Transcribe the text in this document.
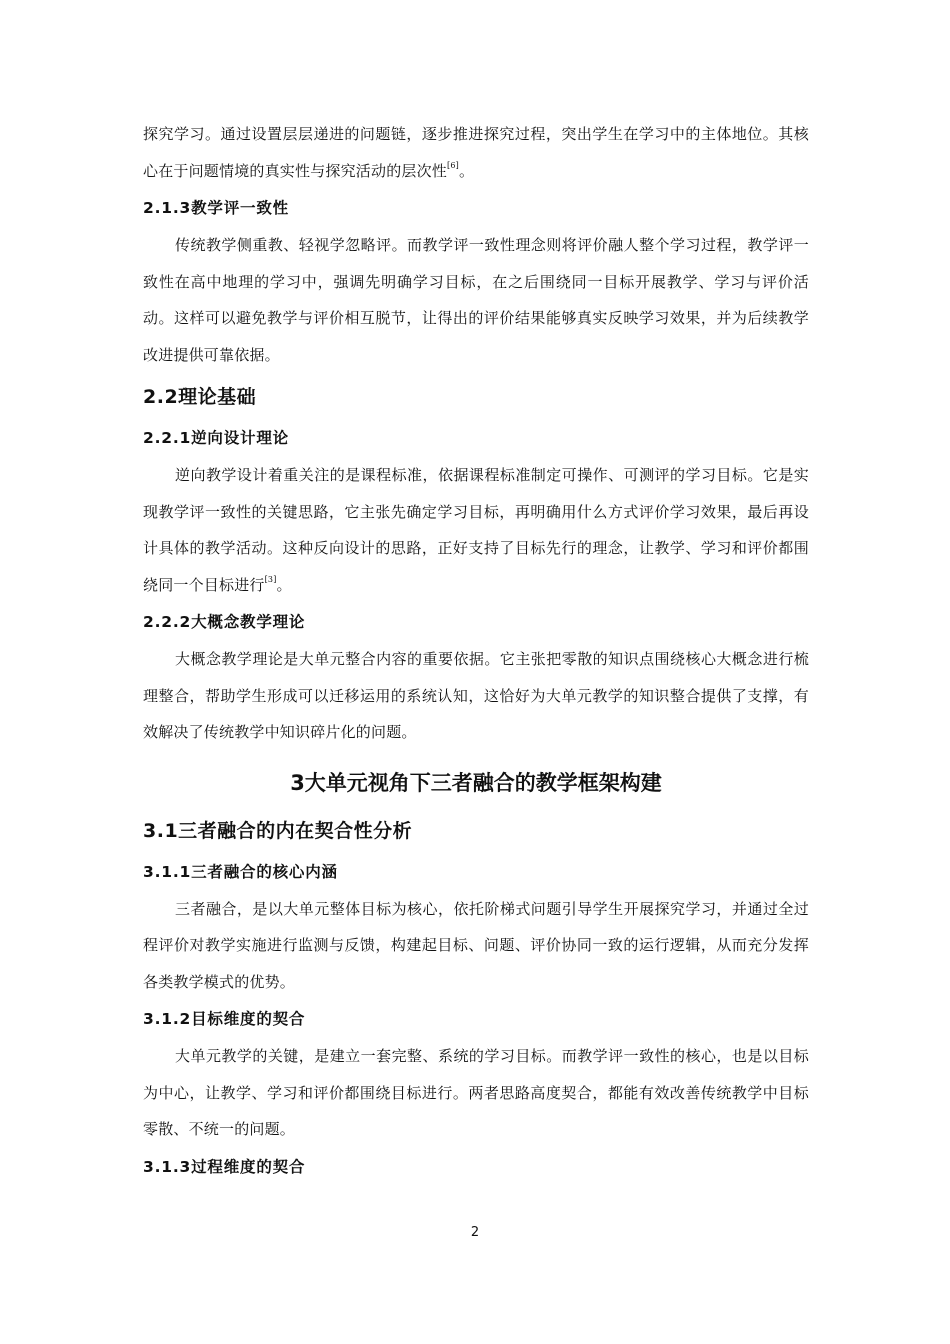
探究学习。通过设置层层递进的问题链，逐步推进探究过程，突出学生在学习中的主体地位。其核心在于问题情境的真实性与探究活动的层次性[6]。

2.1.3教学评一致性

传统教学侧重教、轻视学忽略评。而教学评一致性理念则将评价融人整个学习过程，教学评一致性在高中地理的学习中，强调先明确学习目标，在之后围绕同一目标开展教学、学习与评价活动。这样可以避免教学与评价相互脱节，让得出的评价结果能够真实反映学习效果，并为后续教学改进提供可靠依据。

2.2理论基础
2.2.1逆向设计理论

逆向教学设计着重关注的是课程标准，依据课程标准制定可操作、可测评的学习目标。它是实现教学评一致性的关键思路，它主张先确定学习目标，再明确用什么方式评价学习效果，最后再设计具体的教学活动。这种反向设计的思路，正好支持了目标先行的理念，让教学、学习和评价都围绕同一个目标进行[3]。

2.2.2大概念教学理论

大概念教学理论是大单元整合内容的重要依据。它主张把零散的知识点围绕核心大概念进行梳理整合，帮助学生形成可以迁移运用的系统认知，这恰好为大单元教学的知识整合提供了支撑，有效解决了传统教学中知识碎片化的问题。

3大单元视角下三者融合的教学框架构建
3.1三者融合的内在契合性分析
3.1.1三者融合的核心内涵

三者融合，是以大单元整体目标为核心，依托阶梯式问题引导学生开展探究学习，并通过全过程评价对教学实施进行监测与反馈，构建起目标、问题、评价协同一致的运行逻辑，从而充分发挥各类教学模式的优势。

3.1.2目标维度的契合

大单元教学的关键，是建立一套完整、系统的学习目标。而教学评一致性的核心，也是以目标为中心，让教学、学习和评价都围绕目标进行。两者思路高度契合，都能有效改善传统教学中目标零散、不统一的问题。

3.1.3过程维度的契合
2
